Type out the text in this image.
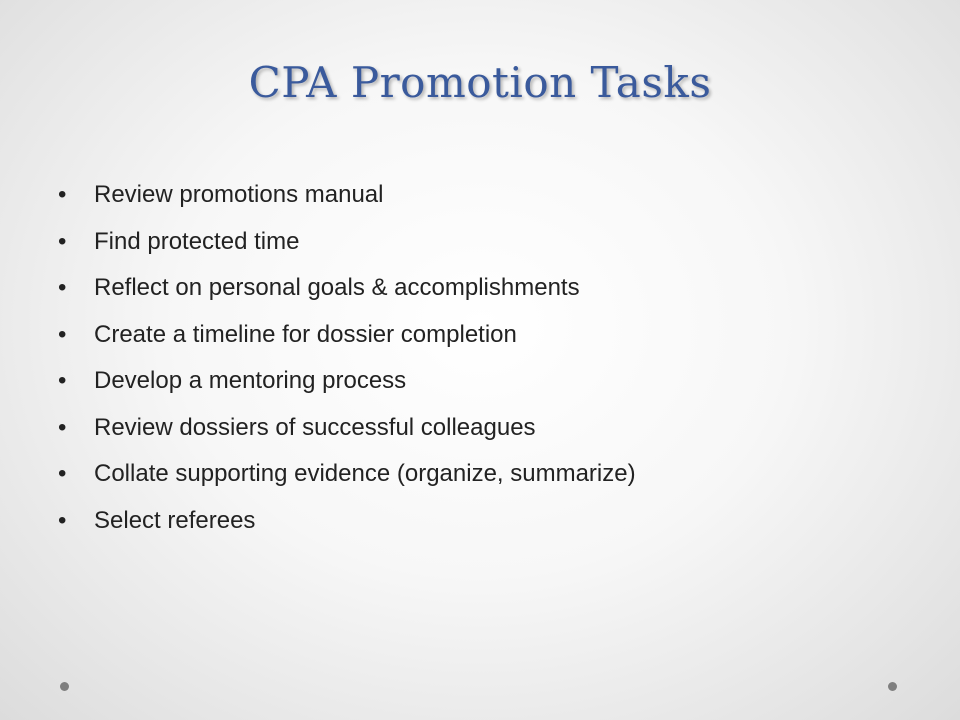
CPA Promotion Tasks
• Review promotions manual
• Find protected time
• Reflect on personal goals & accomplishments
• Create a timeline for dossier completion
• Develop a mentoring process
• Review dossiers of successful colleagues
• Collate supporting evidence (organize, summarize)
• Select referees
